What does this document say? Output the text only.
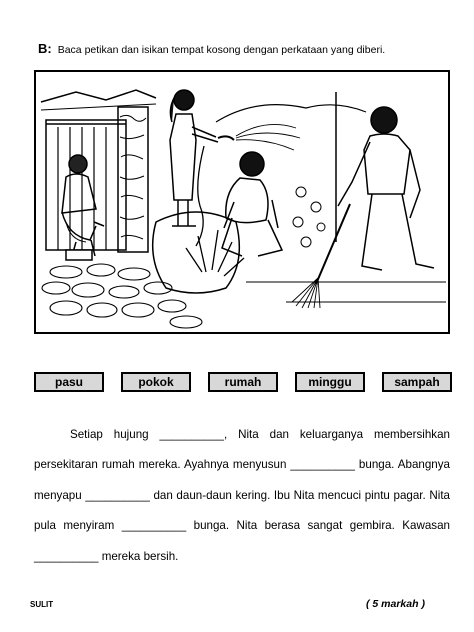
B: Baca petikan dan isikan tempat kosong dengan perkataan yang diberi.
pasu	pokok	rumah	minggu	sampah

Setiap hujung __________, Nita dan keluarganya membersihkan persekitaran rumah mereka. Ayahnya menyusun __________ bunga. Abangnya menyapu __________ dan daun-daun kering. Ibu Nita mencuci pintu pagar. Nita pula menyiram __________ bunga. Nita berasa sangat gembira. Kawasan __________ mereka bersih.

SULIT	( 5 markah )
